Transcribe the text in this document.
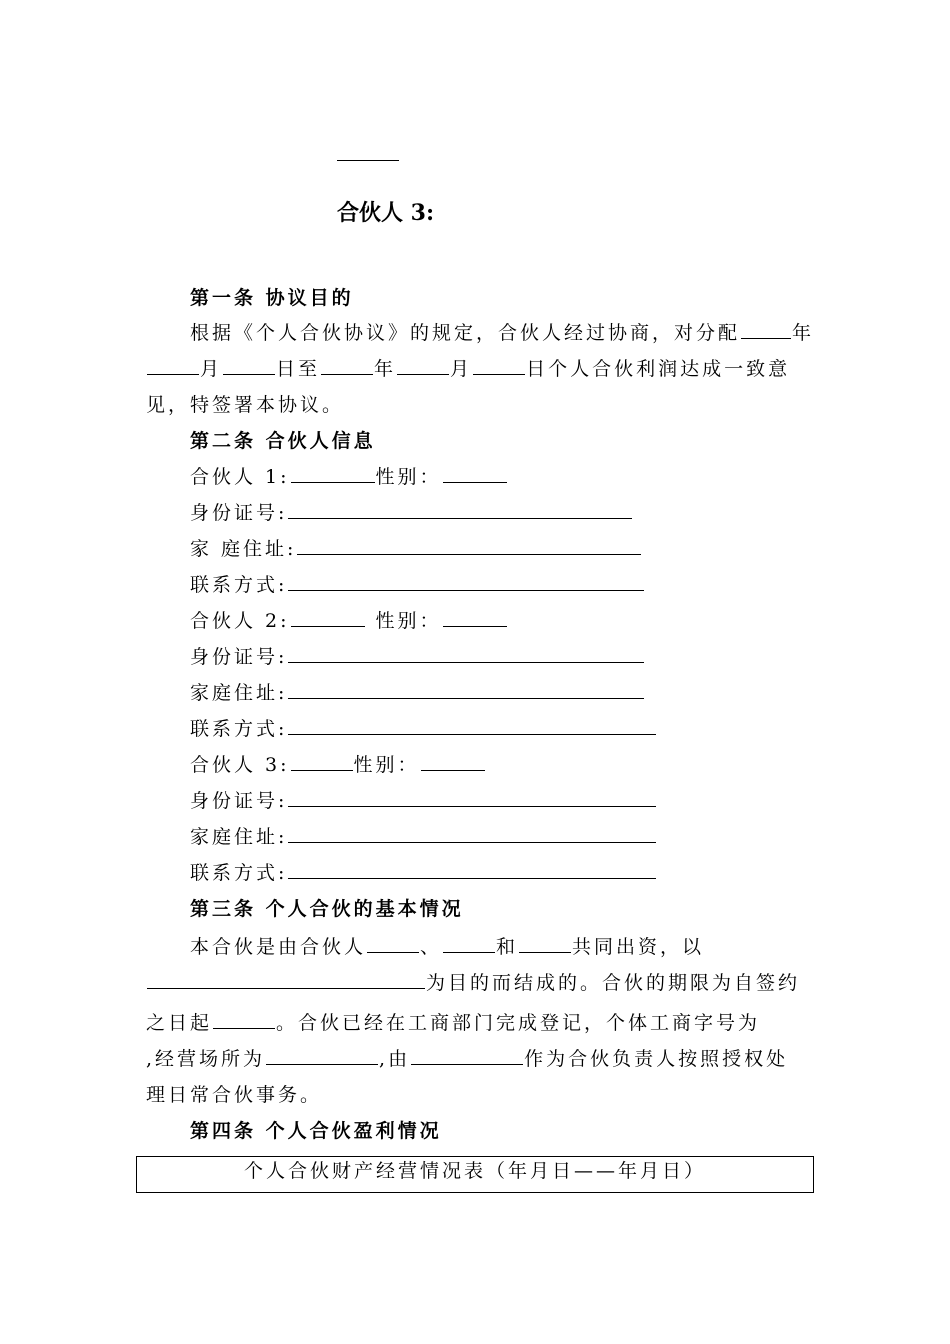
合伙人 3:
第一条 协议目的
根据《个人合伙协议》的规定，合伙人经过协商，对分配	年
月	日至	年	月	日个人合伙利润达成一致意
见，特签署本协议。
第二条 合伙人信息
合伙人 1:	性别：
身份证号:
家 庭住址:
联系方式:
合伙人 2:	性别：
身份证号:
家庭住址:
联系方式:
合伙人 3:	性别：
身份证号:
家庭住址:
联系方式:
第三条 个人合伙的基本情况
本合伙是由合伙人	、	和	共同出资，以
为目的而结成的。合伙的期限为自签约
之日起	。合伙已经在工商部门完成登记，个体工商字号为
,经营场所为	,由	作为合伙负责人按照授权处
理日常合伙事务。
第四条 个人合伙盈利情况
个人合伙财产经营情况表（年月日——年月日）
